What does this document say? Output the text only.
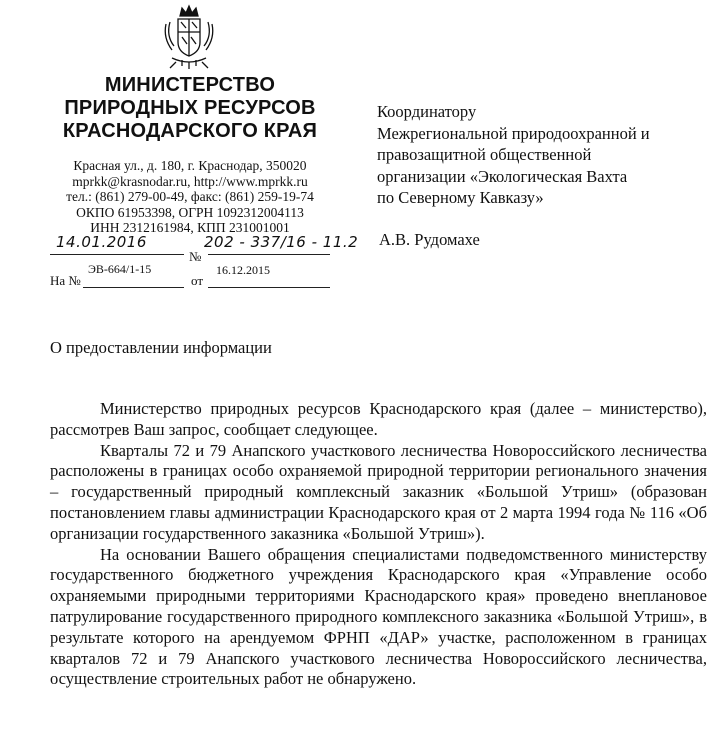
МИНИСТЕРСТВО
ПРИРОДНЫХ РЕСУРСОВ
КРАСНОДАРСКОГО КРАЯ
Красная ул., д. 180, г. Краснодар, 350020
mprkk@krasnodar.ru, http://www.mprkk.ru
тел.: (861) 279-00-49, факс: (861) 259-19-74
ОКПО 61953398, ОГРН 1092312004113
ИНН 2312161984, КПП 231001001
14.01.2016
№
202 - 337/16 - 11.2
На №
ЭВ-664/1-15
от
16.12.2015
Координатору
Межрегиональной природоохранной и
правозащитной общественной
организации «Экологическая Вахта
по Северному Кавказу»
А.В. Рудомахе
О предоставлении информации

Министерство природных ресурсов Краснодарского края (далее – министерство), рассмотрев Ваш запрос, сообщает следующее.

Кварталы 72 и 79 Анапского участкового лесничества Новороссийского лесничества расположены в границах особо охраняемой природной территории регионального значения – государственный природный комплексный заказник «Большой Утриш» (образован постановлением главы администрации Краснодарского края от 2 марта 1994 года № 116 «Об организации государственного заказника «Большой Утриш»).

На основании Вашего обращения специалистами подведомственного министерству государственного бюджетного учреждения Краснодарского края «Управление особо охраняемыми природными территориями Краснодарского края» проведено внеплановое патрулирование государственного природного комплексного заказника «Большой Утриш», в результате которого на арендуемом ФРНП «ДАР» участке, расположенном в границах кварталов 72 и 79 Анапского участкового лесничества Новороссийского лесничества, осуществление строительных работ не обнаружено.
